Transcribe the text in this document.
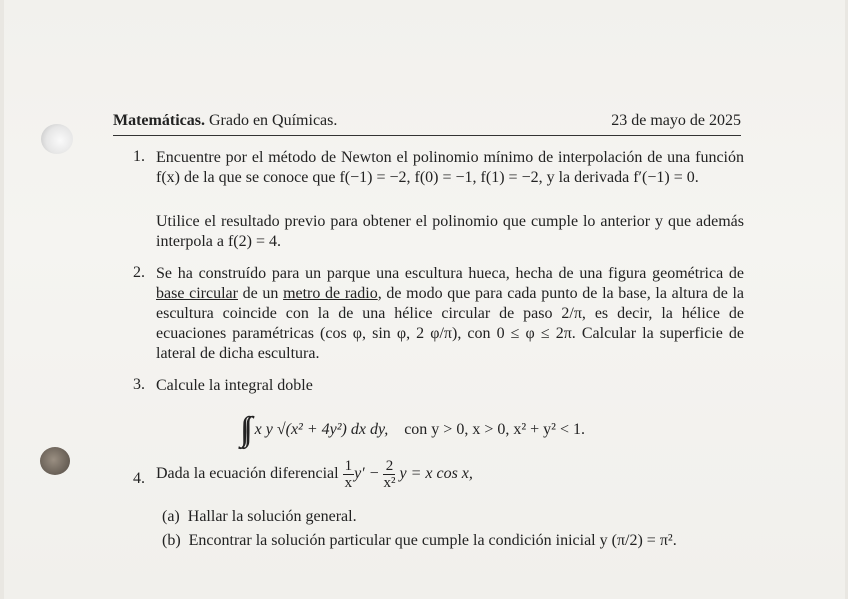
Matemáticas. Grado en Químicas.	23 de mayo de 2025
1. Encuentre por el método de Newton el polinomio mínimo de interpolación de una función f(x) de la que se conoce que f(−1) = −2, f(0) = −1, f(1) = −2, y la derivada f′(−1) = 0.
Utilice el resultado previo para obtener el polinomio que cumple lo anterior y que además interpola a f(2) = 4.
2. Se ha construído para un parque una escultura hueca, hecha de una figura geométrica de base circular de un metro de radio, de modo que para cada punto de la base, la altura de la escultura coincide con la de una hélice circular de paso 2/π, es decir, la hélice de ecuaciones paramétricas (cos φ, sin φ, 2 φ/π), con 0 ≤ φ ≤ 2π. Calcular la superficie de lateral de dicha escultura.
3. Calcule la integral doble
∫∫ x y √(x² + 4y²) dx dy, con y > 0, x > 0, x² + y² < 1.
4. Dada la ecuación diferencial $\frac{1}{x} y' - \frac{2}{\text{x²}}$ y = x cos x,
(a) Hallar la solución general.
(b) Encontrar la solución particular que cumple la condición inicial y (π/2) = π².
